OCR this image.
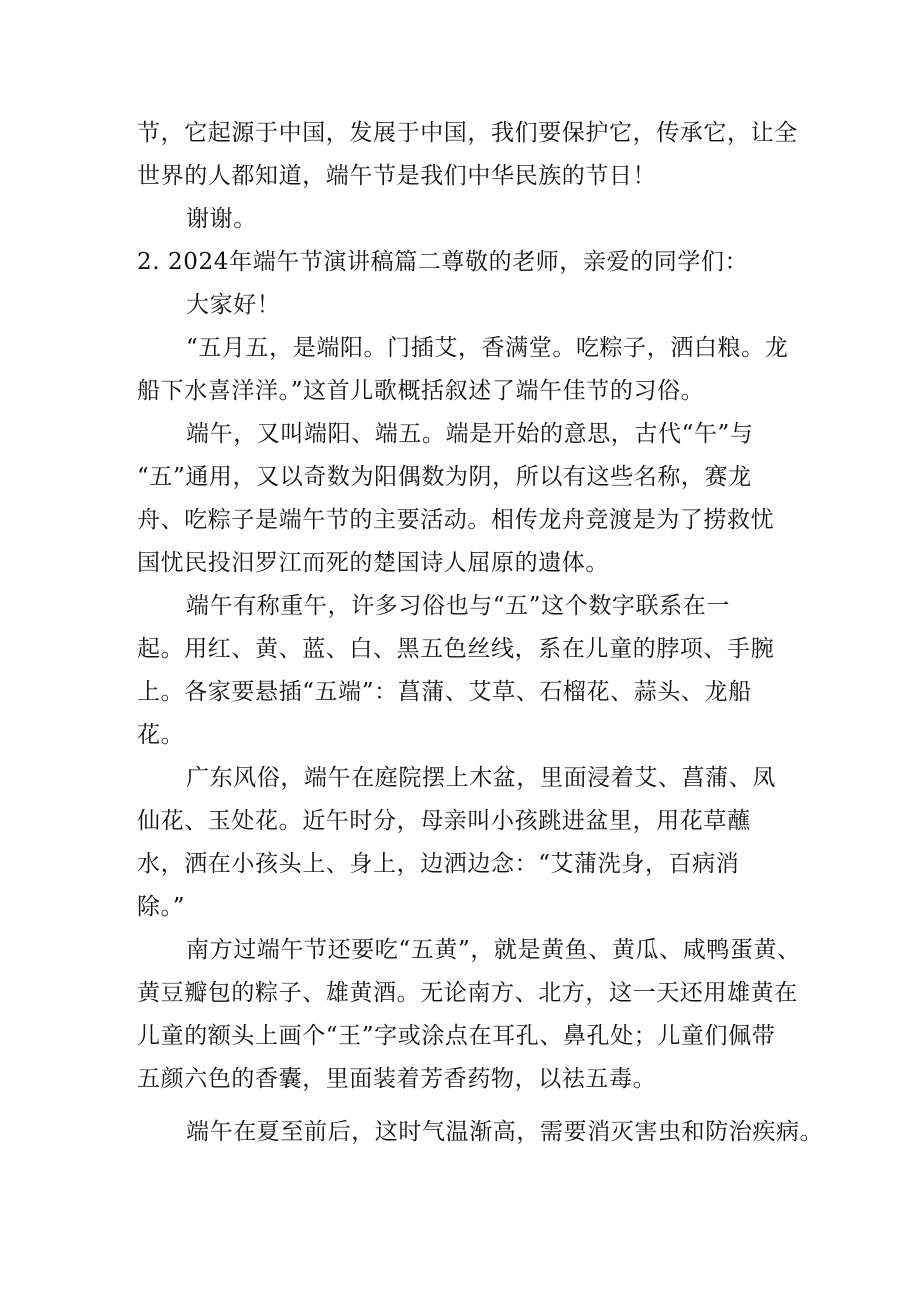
节，它起源于中国，发展于中国，我们要保护它，传承它，让全
世界的人都知道，端午节是我们中华民族的节日！
谢谢。
2. 2024年端午节演讲稿篇二尊敬的老师，亲爱的同学们：
大家好！
“五月五，是端阳。门插艾，香满堂。吃粽子，洒白粮。龙
船下水喜洋洋。”这首儿歌概括叙述了端午佳节的习俗。
端午，又叫端阳、端五。端是开始的意思，古代“午”与
“五”通用，又以奇数为阳偶数为阴，所以有这些名称，赛龙
舟、吃粽子是端午节的主要活动。相传龙舟竞渡是为了捞救忧
国忧民投汨罗江而死的楚国诗人屈原的遗体。
端午有称重午，许多习俗也与“五”这个数字联系在一
起。用红、黄、蓝、白、黑五色丝线，系在儿童的脖项、手腕
上。各家要悬插“五端”：菖蒲、艾草、石榴花、蒜头、龙船
花。
广东风俗，端午在庭院摆上木盆，里面浸着艾、菖蒲、凤
仙花、玉处花。近午时分，母亲叫小孩跳进盆里，用花草蘸
水，洒在小孩头上、身上，边洒边念：“艾蒲洗身，百病消
除。”
南方过端午节还要吃“五黄”，就是黄鱼、黄瓜、咸鸭蛋黄、
黄豆瓣包的粽子、雄黄酒。无论南方、北方，这一天还用雄黄在
儿童的额头上画个“王”字或涂点在耳孔、鼻孔处；儿童们佩带
五颜六色的香囊，里面装着芳香药物，以祛五毒。
端午在夏至前后，这时气温渐高，需要消灭害虫和防治疾病。
